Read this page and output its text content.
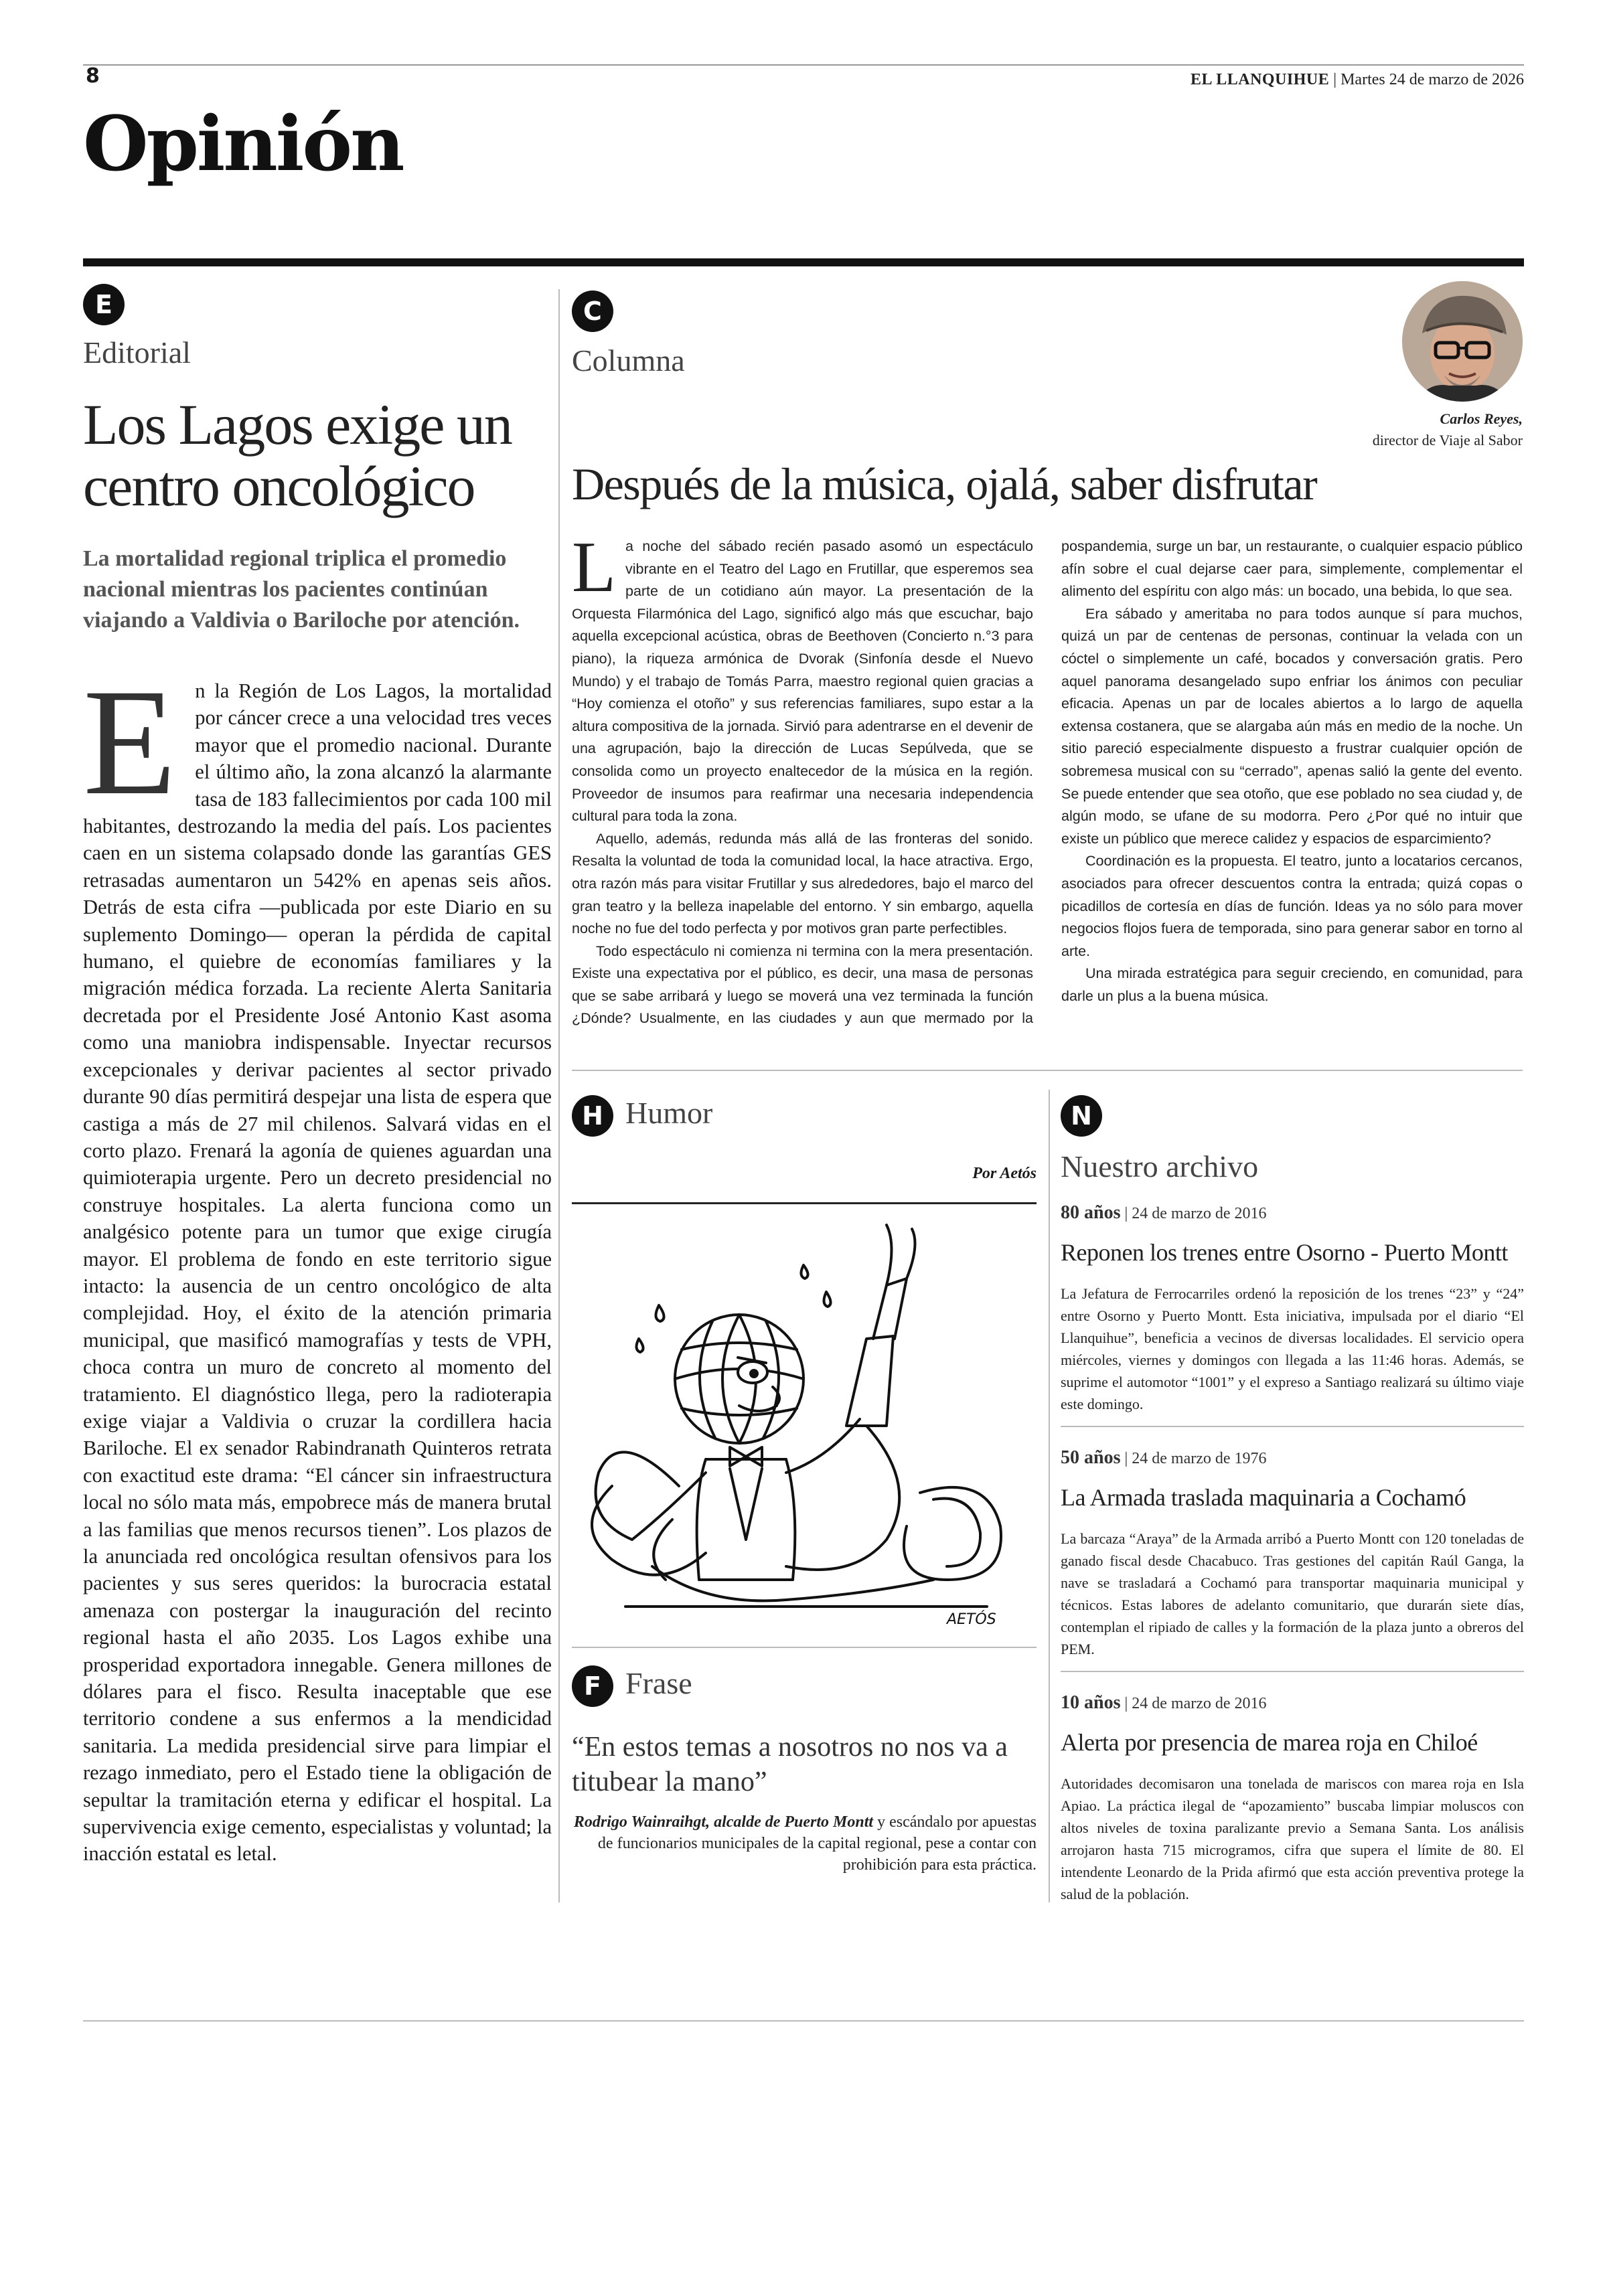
8	EL LLANQUIHUE | Martes 24 de marzo de 2026
Opinión
E
Editorial
Los Lagos exige un centro oncológico
La mortalidad regional triplica el promedio nacional mientras los pacientes continúan viajando a Valdivia o Bariloche por atención.
En la Región de Los Lagos, la mortalidad por cáncer crece a una velocidad tres veces mayor que el promedio nacional. Durante el último año, la zona alcanzó la alarmante tasa de 183 fallecimientos por cada 100 mil habitantes, destrozando la media del país. Los pacientes caen en un sistema colapsado donde las garantías GES retrasadas aumentaron un 542% en apenas seis años. Detrás de esta cifra —publicada por este Diario en su suplemento Domingo— operan la pérdida de capital humano, el quiebre de economías familiares y la migración médica forzada. La reciente Alerta Sanitaria decretada por el Presidente José Antonio Kast asoma como una maniobra indispensable. Inyectar recursos excepcionales y derivar pacientes al sector privado durante 90 días permitirá despejar una lista de espera que castiga a más de 27 mil chilenos. Salvará vidas en el corto plazo. Frenará la agonía de quienes aguardan una quimioterapia urgente. Pero un decreto presidencial no construye hospitales. La alerta funciona como un analgésico potente para un tumor que exige cirugía mayor. El problema de fondo en este territorio sigue intacto: la ausencia de un centro oncológico de alta complejidad. Hoy, el éxito de la atención primaria municipal, que masificó mamografías y tests de VPH, choca contra un muro de concreto al momento del tratamiento. El diagnóstico llega, pero la radioterapia exige viajar a Valdivia o cruzar la cordillera hacia Bariloche. El ex senador Rabindranath Quinteros retrata con exactitud este drama: “El cáncer sin infraestructura local no sólo mata más, empobrece más de manera brutal a las familias que menos recursos tienen”. Los plazos de la anunciada red oncológica resultan ofensivos para los pacientes y sus seres queridos: la burocracia estatal amenaza con postergar la inauguración del recinto regional hasta el año 2035. Los Lagos exhibe una prosperidad exportadora innegable. Genera millones de dólares para el fisco. Resulta inaceptable que ese territorio condene a sus enfermos a la mendicidad sanitaria. La medida presidencial sirve para limpiar el rezago inmediato, pero el Estado tiene la obligación de sepultar la tramitación eterna y edificar el hospital. La supervivencia exige cemento, especialistas y voluntad; la inacción estatal es letal.
C
Columna
Carlos Reyes,
director de Viaje al Sabor
Después de la música, ojalá, saber disfrutar

La noche del sábado recién pasado asomó un espectáculo vibrante en el Teatro del Lago en Frutillar, que esperemos sea parte de un cotidiano aún mayor. La presentación de la Orquesta Filarmónica del Lago, significó algo más que escuchar, bajo aquella excepcional acústica, obras de Beethoven (Concierto n.°3 para piano), la riqueza armónica de Dvorak (Sinfonía desde el Nuevo Mundo) y el trabajo de Tomás Parra, maestro regional quien gracias a “Hoy comienza el otoño” y sus referencias familiares, supo estar a la altura compositiva de la jornada. Sirvió para adentrarse en el devenir de una agrupación, bajo la dirección de Lucas Sepúlveda, que se consolida como un proyecto enaltecedor de la música en la región. Proveedor de insumos para reafirmar una necesaria independencia cultural para toda la zona.

Aquello, además, redunda más allá de las fronteras del sonido. Resalta la voluntad de toda la comunidad local, la hace atractiva. Ergo, otra razón más para visitar Frutillar y sus alrededores, bajo el marco del gran teatro y la belleza inapelable del entorno. Y sin embargo, aquella noche no fue del todo perfecta y por motivos gran parte perfectibles.

Todo espectáculo ni comienza ni termina con la mera presentación. Existe una expectativa por el público, es decir, una masa de personas que se sabe arribará y luego se moverá una vez terminada la función ¿Dónde? Usualmente, en las ciudades y aun que mermado por la pospandemia, surge un bar, un restaurante, o cualquier espacio público afín sobre el cual dejarse caer para, simplemente, complementar el alimento del espíritu con algo más: un bocado, una bebida, lo que sea.

Era sábado y ameritaba no para todos aunque sí para muchos, quizá un par de centenas de personas, continuar la velada con un cóctel o simplemente un café, bocados y conversación gratis. Pero aquel panorama desangelado supo enfriar los ánimos con peculiar eficacia. Apenas un par de locales abiertos a lo largo de aquella extensa costanera, que se alargaba aún más en medio de la noche. Un sitio pareció especialmente dispuesto a frustrar cualquier opción de sobremesa musical con su “cerrado”, apenas salió la gente del evento. Se puede entender que sea otoño, que ese poblado no sea ciudad y, de algún modo, se ufane de su modorra. Pero ¿Por qué no intuir que existe un público que merece calidez y espacios de esparcimiento?

Coordinación es la propuesta. El teatro, junto a locatarios cercanos, asociados para ofrecer descuentos contra la entrada; quizá copas o picadillos de cortesía en días de función. Ideas ya no sólo para mover negocios flojos fuera de temporada, sino para generar sabor en torno al arte.

Una mirada estratégica para seguir creciendo, en comunidad, para darle un plus a la buena música.

H Humor
Por Aetós
AETÓS
F Frase
“En estos temas a nosotros no nos va a titubear la mano”
Rodrigo Wainraihgt, alcalde de Puerto Montt y escándalo por apuestas de funcionarios municipales de la capital regional, pese a contar con prohibición para esta práctica.
N
Nuestro archivo
80 años | 24 de marzo de 2016
Reponen los trenes entre Osorno - Puerto Montt
La Jefatura de Ferrocarriles ordenó la reposición de los trenes “23” y “24” entre Osorno y Puerto Montt. Esta iniciativa, impulsada por el diario “El Llanquihue”, beneficia a vecinos de diversas localidades. El servicio opera miércoles, viernes y domingos con llegada a las 11:46 horas. Además, se suprime el automotor “1001” y el expreso a Santiago realizará su último viaje este domingo.
50 años | 24 de marzo de 1976
La Armada traslada maquinaria a Cochamó
La barcaza “Araya” de la Armada arribó a Puerto Montt con 120 toneladas de ganado fiscal desde Chacabuco. Tras gestiones del capitán Raúl Ganga, la nave se trasladará a Cochamó para transportar maquinaria municipal y técnicos. Estas labores de adelanto comunitario, que durarán siete días, contemplan el ripiado de calles y la formación de la plaza junto a obreros del PEM.
10 años | 24 de marzo de 2016
Alerta por presencia de marea roja en Chiloé
Autoridades decomisaron una tonelada de mariscos con marea roja en Isla Apiao. La práctica ilegal de “apozamiento” buscaba limpiar moluscos con altos niveles de toxina paralizante previo a Semana Santa. Los análisis arrojaron hasta 715 microgramos, cifra que supera el límite de 80. El intendente Leonardo de la Prida afirmó que esta acción preventiva protege la salud de la población.
